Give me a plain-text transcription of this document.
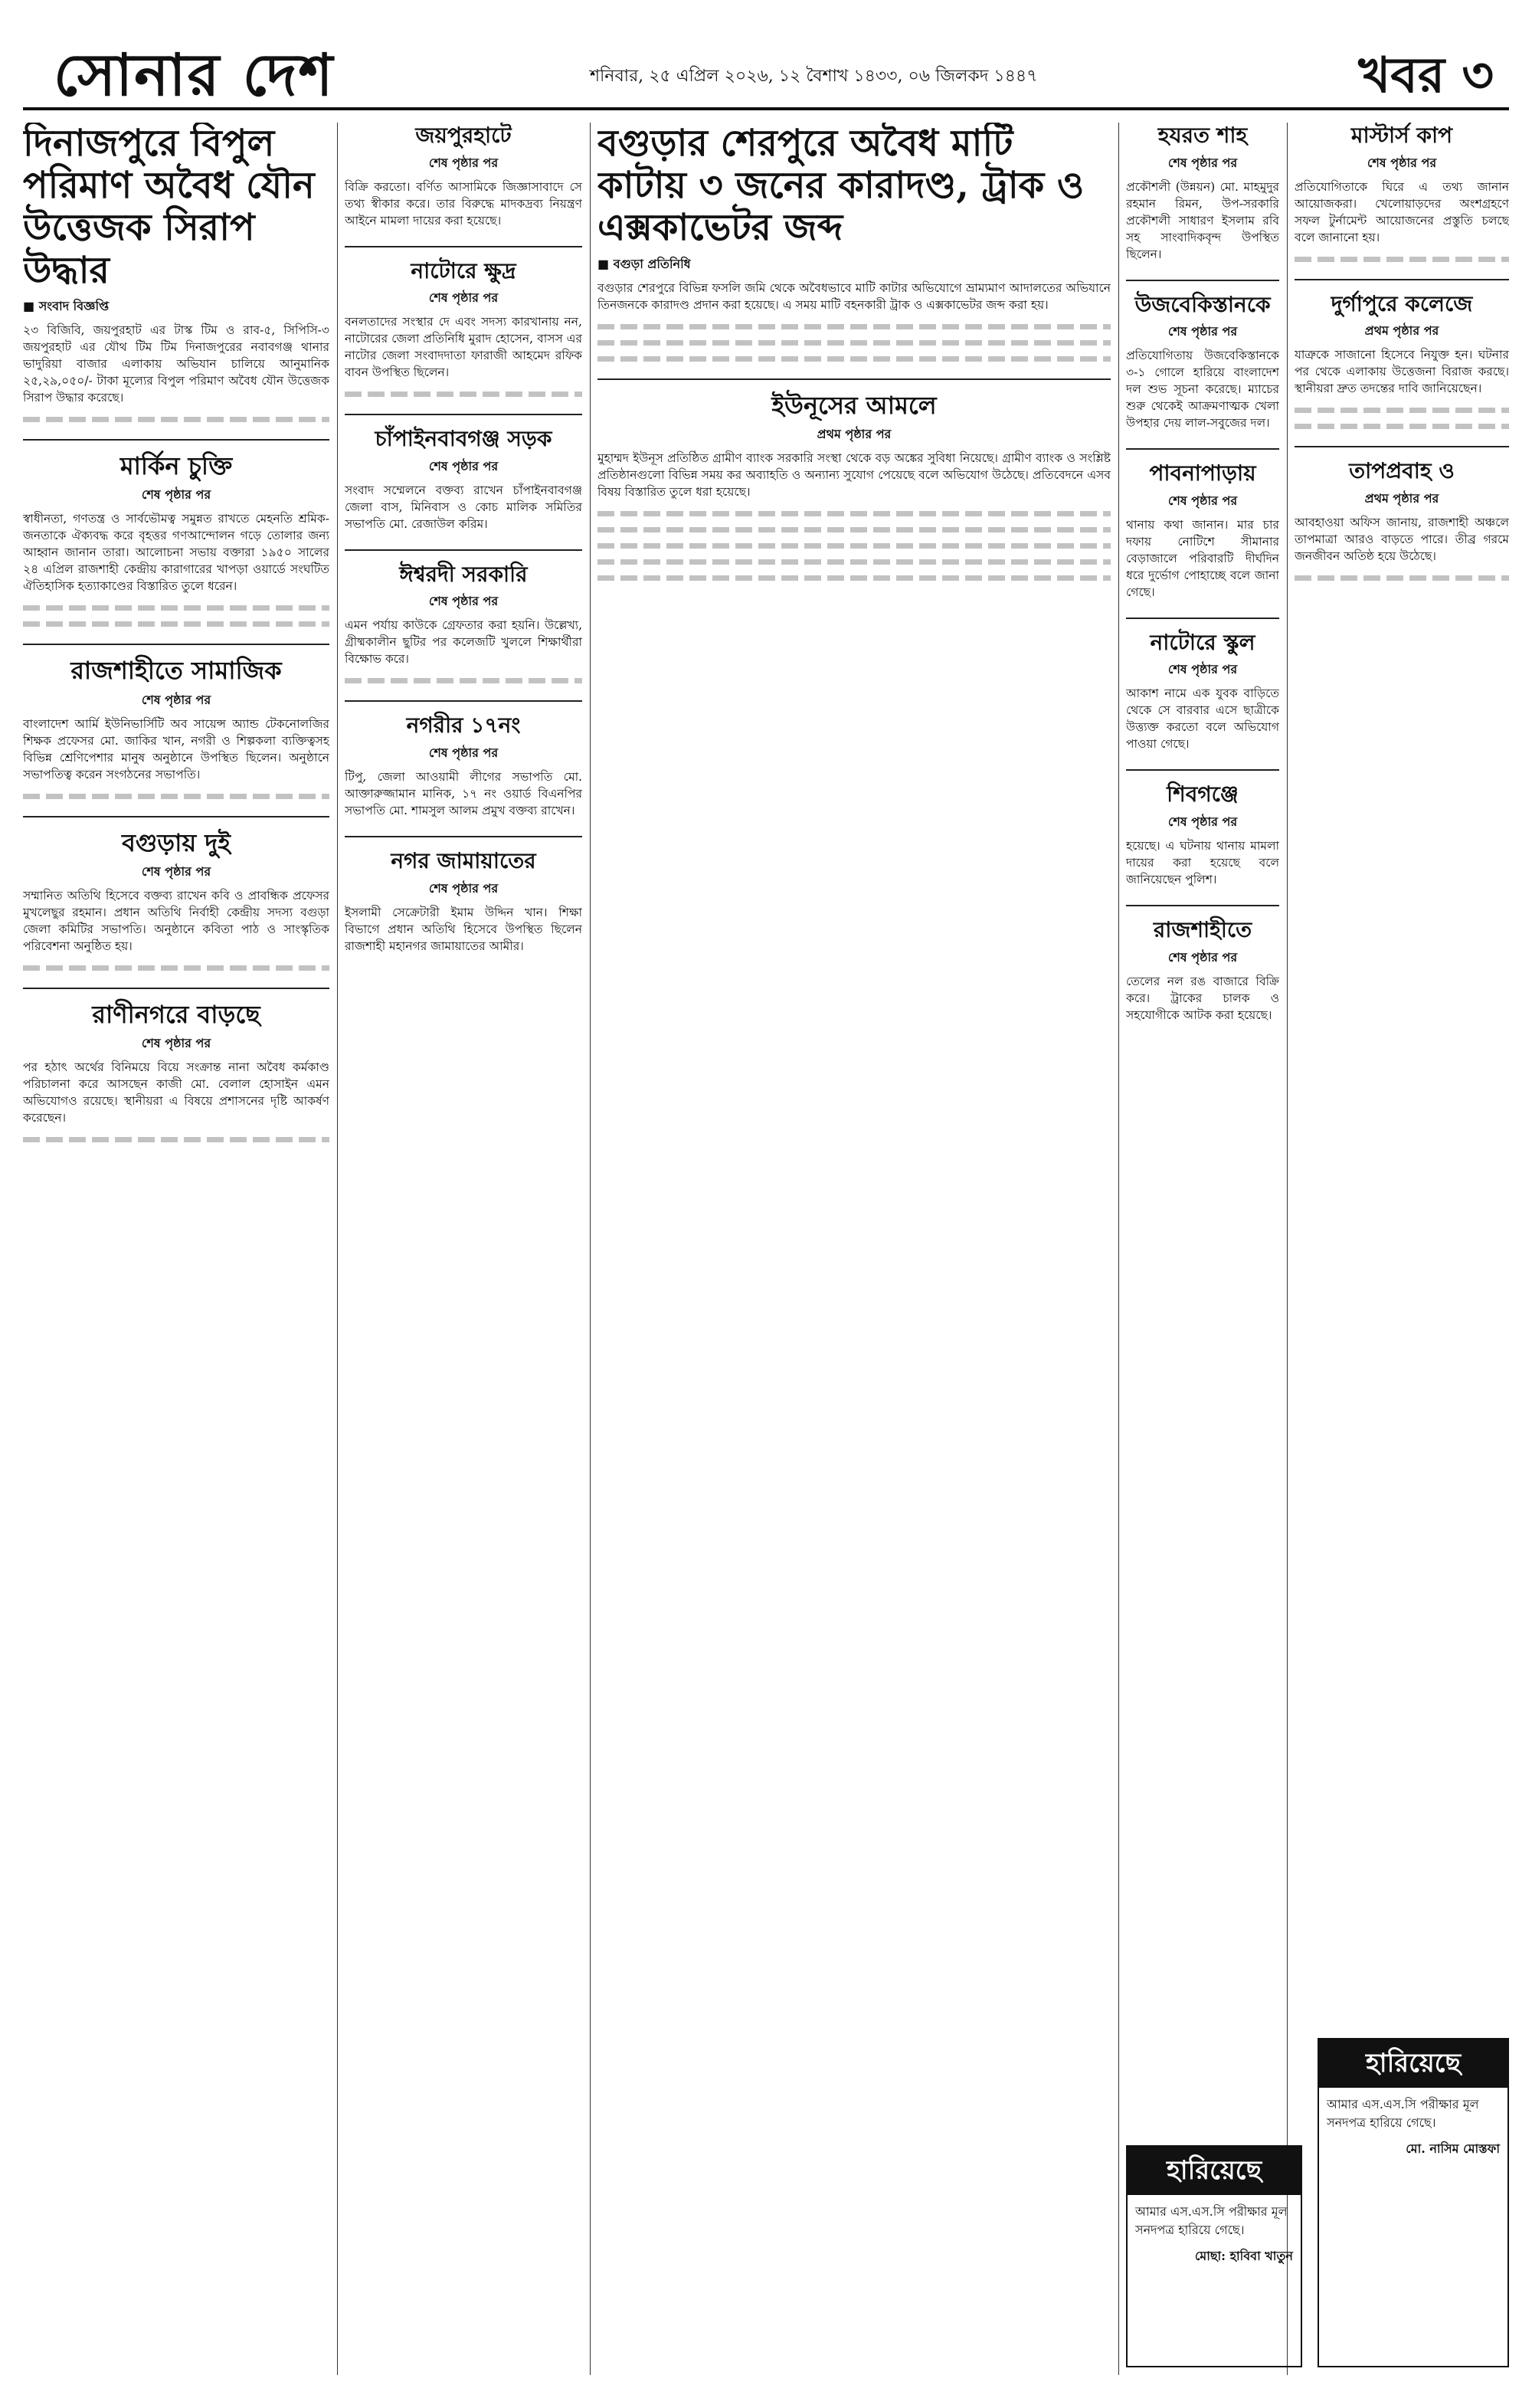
সোনার দেশ	শনিবার, ২৫ এপ্রিল ২০২৬, ১২ বৈশাখ ১৪৩৩, ০৬ জিলকদ ১৪৪৭	খবর ৩
দিনাজপুরে বিপুল পরিমাণ অবৈধ যৌন উত্তেজক সিরাপ উদ্ধার
■ সংবাদ বিজ্ঞপ্তি

২৩ বিজিবি, জয়পুরহাট এর টাস্ক টিম ও রাব-৫, সিপিসি-৩ জয়পুরহাট এর যৌথ টিম টিম দিনাজপুরের নবাবগঞ্জ থানার ভাদুরিয়া বাজার এলাকায় অভিযান চালিয়ে আনুমানিক ২৫,২৯,০৫০/- টাকা মূল্যের বিপুল পরিমাণ অবৈধ যৌন উত্তেজক সিরাপ উদ্ধার করেছে।

মার্কিন চুক্তি
শেষ পৃষ্ঠার পর

স্বাধীনতা, গণতন্ত্র ও সার্বভৌমত্ব সমুন্নত রাখতে মেহনতি শ্রমিক-জনতাকে ঐক্যবদ্ধ করে বৃহত্তর গণআন্দোলন গড়ে তোলার জন্য আহ্বান জানান তারা। আলোচনা সভায় বক্তারা ১৯৫০ সালের ২৪ এপ্রিল রাজশাহী কেন্দ্রীয় কারাগারের খাপড়া ওয়ার্ডে সংঘটিত ঐতিহাসিক হত্যাকাণ্ডের বিস্তারিত তুলে ধরেন।

রাজশাহীতে সামাজিক
শেষ পৃষ্ঠার পর

বাংলাদেশ আর্মি ইউনিভার্সিটি অব সায়েন্স অ্যান্ড টেকনোলজির শিক্ষক প্রফেসর মো. জাকির খান, নগরী ও শিল্পকলা ব্যক্তিত্বসহ বিভিন্ন শ্রেণিপেশার মানুষ অনুষ্ঠানে উপস্থিত ছিলেন। অনুষ্ঠানে সভাপতিত্ব করেন সংগঠনের সভাপতি।

বগুড়ায় দুই
শেষ পৃষ্ঠার পর

সম্মানিত অতিথি হিসেবে বক্তব্য রাখেন কবি ও প্রাবন্ধিক প্রফেসর মুখলেছুর রহমান। প্রধান অতিথি নির্বাহী কেন্দ্রীয় সদস্য বগুড়া জেলা কমিটির সভাপতি। অনুষ্ঠানে কবিতা পাঠ ও সাংস্কৃতিক পরিবেশনা অনুষ্ঠিত হয়।

রাণীনগরে বাড়ছে
শেষ পৃষ্ঠার পর

পর হঠাৎ অর্থের বিনিময়ে বিয়ে সংক্রান্ত নানা অবৈধ কর্মকাণ্ড পরিচালনা করে আসছেন কাজী মো. বেলাল হোসাইন এমন অভিযোগও রয়েছে। স্থানীয়রা এ বিষয়ে প্রশাসনের দৃষ্টি আকর্ষণ করেছেন।

জয়পুরহাটে
শেষ পৃষ্ঠার পর

বিক্রি করতো। বর্ণিত আসামিকে জিজ্ঞাসাবাদে সে তথ্য স্বীকার করে। তার বিরুদ্ধে মাদকদ্রব্য নিয়ন্ত্রণ আইনে মামলা দায়ের করা হয়েছে।

নাটোরে ক্ষুদ্র
শেষ পৃষ্ঠার পর

বনলতাদের সংস্থার দে এবং সদস্য কারখানায় নন, নাটোরের জেলা প্রতিনিধি মুরাদ হোসেন, বাসস এর নাটোর জেলা সংবাদদাতা ফারাজী আহমেদ রফিক বাবন উপস্থিত ছিলেন।

চাঁপাইনবাবগঞ্জ সড়ক
শেষ পৃষ্ঠার পর

সংবাদ সম্মেলনে বক্তব্য রাখেন চাঁপাইনবাবগঞ্জ জেলা বাস, মিনিবাস ও কোচ মালিক সমিতির সভাপতি মো. রেজাউল করিম।

ঈশ্বরদী সরকারি
শেষ পৃষ্ঠার পর

এমন পর্যায় কাউকে গ্রেফতার করা হয়নি। উল্লেখ্য, গ্রীষ্মকালীন ছুটির পর কলেজটি খুললে শিক্ষার্থীরা বিক্ষোভ করে।

নগরীর ১৭নং
শেষ পৃষ্ঠার পর

টিপু, জেলা আওয়ামী লীগের সভাপতি মো. আক্তারুজ্জামান মানিক, ১৭ নং ওয়ার্ড বিএনপির সভাপতি মো. শামসুল আলম প্রমুখ বক্তব্য রাখেন।

নগর জামায়াতের
শেষ পৃষ্ঠার পর

ইসলামী সেক্রেটারী ইমাম উদ্দিন খান। শিক্ষা বিভাগে প্রধান অতিথি হিসেবে উপস্থিত ছিলেন রাজশাহী মহানগর জামায়াতের আমীর।

বগুড়ার শেরপুরে অবৈধ মাটি কাটায় ৩ জনের কারাদণ্ড, ট্রাক ও এক্সকাভেটর জব্দ
■ বগুড়া প্রতিনিধি

বগুড়ার শেরপুরে বিভিন্ন ফসলি জমি থেকে অবৈধভাবে মাটি কাটার অভিযোগে ভ্রাম্যমাণ আদালতের অভিযানে তিনজনকে কারাদণ্ড প্রদান করা হয়েছে। এ সময় মাটি বহনকারী ট্রাক ও এক্সকাভেটর জব্দ করা হয়।

ইউনূসের আমলে
প্রথম পৃষ্ঠার পর

মুহাম্মদ ইউনূস প্রতিষ্ঠিত গ্রামীণ ব্যাংক সরকারি সংস্থা থেকে বড় অঙ্কের সুবিধা নিয়েছে। গ্রামীণ ব্যাংক ও সংশ্লিষ্ট প্রতিষ্ঠানগুলো বিভিন্ন সময় কর অব্যাহতি ও অন্যান্য সুযোগ পেয়েছে বলে অভিযোগ উঠেছে। প্রতিবেদনে এসব বিষয় বিস্তারিত তুলে ধরা হয়েছে।

হযরত শাহ
শেষ পৃষ্ঠার পর

প্রকৌশলী (উন্নয়ন) মো. মাহমুদুর রহমান রিমন, উপ-সরকারি প্রকৌশলী সাধারণ ইসলাম রবি সহ সাংবাদিকবৃন্দ উপস্থিত ছিলেন।

উজবেকিস্তানকে
শেষ পৃষ্ঠার পর

প্রতিযোগিতায় উজবেকিস্তানকে ৩-১ গোলে হারিয়ে বাংলাদেশ দল শুভ সূচনা করেছে। ম্যাচের শুরু থেকেই আক্রমণাত্মক খেলা উপহার দেয় লাল-সবুজের দল।

পাবনাপাড়ায়
শেষ পৃষ্ঠার পর

থানায় কথা জানান। মার চার দফায় নোটিশে সীমানার বেড়াজালে পরিবারটি দীর্ঘদিন ধরে দুর্ভোগ পোহাচ্ছে বলে জানা গেছে।

নাটোরে স্কুল
শেষ পৃষ্ঠার পর

আকাশ নামে এক যুবক বাড়িতে থেকে সে বারবার এসে ছাত্রীকে উত্ত্যক্ত করতো বলে অভিযোগ পাওয়া গেছে।

শিবগঞ্জে
শেষ পৃষ্ঠার পর

হয়েছে। এ ঘটনায় থানায় মামলা দায়ের করা হয়েছে বলে জানিয়েছেন পুলিশ।

রাজশাহীতে
শেষ পৃষ্ঠার পর

তেলের নল রঙ বাজারে বিক্রি করে। ট্রাকের চালক ও সহযোগীকে আটক করা হয়েছে।

মাস্টার্স কাপ
শেষ পৃষ্ঠার পর

প্রতিযোগিতাকে ঘিরে এ তথ্য জানান আয়োজকরা। খেলোয়াড়দের অংশগ্রহণে সফল টুর্নামেন্ট আয়োজনের প্রস্তুতি চলছে বলে জানানো হয়।

দুর্গাপুরে কলেজে
প্রথম পৃষ্ঠার পর

যাত্রুকে সাজানো হিসেবে নিযুক্ত হন। ঘটনার পর থেকে এলাকায় উত্তেজনা বিরাজ করছে। স্থানীয়রা দ্রুত তদন্তের দাবি জানিয়েছেন।

তাপপ্রবাহ ও
প্রথম পৃষ্ঠার পর

আবহাওয়া অফিস জানায়, রাজশাহী অঞ্চলে তাপমাত্রা আরও বাড়তে পারে। তীব্র গরমে জনজীবন অতিষ্ঠ হয়ে উঠেছে।

হারিয়েছে
আমার এস.এস.সি পরীক্ষার মূল সনদপত্র হারিয়ে গেছে।
মোছা: হাবিবা খাতুন
হারিয়েছে
আমার এস.এস.সি পরীক্ষার মূল সনদপত্র হারিয়ে গেছে।
মো. নাসিম মোস্তফা
